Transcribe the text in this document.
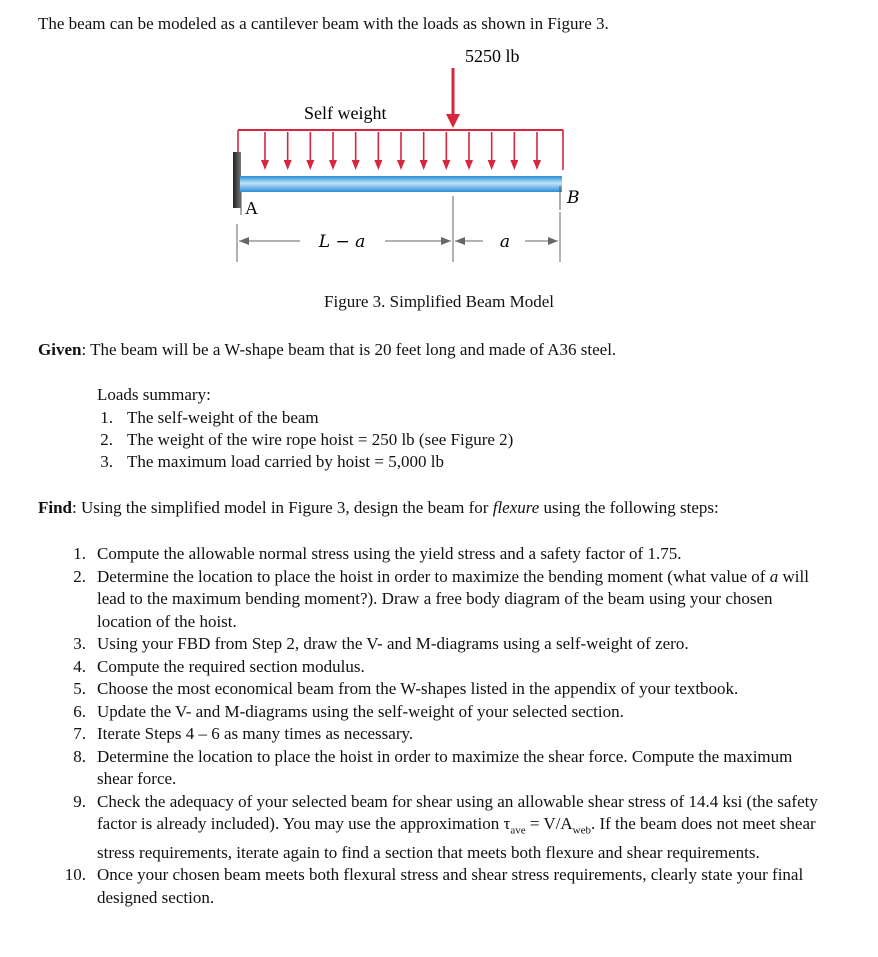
The beam can be modeled as a cantilever beam with the loads as shown in Figure 3.
5250 lb
Self weight
A	B
L − a	a
Figure 3. Simplified Beam Model
Given: The beam will be a W-shape beam that is 20 feet long and made of A36 steel.
Loads summary:
1. The self-weight of the beam
2. The weight of the wire rope hoist = 250 lb (see Figure 2)
3. The maximum load carried by hoist = 5,000 lb
Find: Using the simplified model in Figure 3, design the beam for flexure using the following steps:
1. Compute the allowable normal stress using the yield stress and a safety factor of 1.75.
2. Determine the location to place the hoist in order to maximize the bending moment (what value of a will lead to the maximum bending moment?). Draw a free body diagram of the beam using your chosen location of the hoist.
3. Using your FBD from Step 2, draw the V- and M-diagrams using a self-weight of zero.
4. Compute the required section modulus.
5. Choose the most economical beam from the W-shapes listed in the appendix of your textbook.
6. Update the V- and M-diagrams using the self-weight of your selected section.
7. Iterate Steps 4 – 6 as many times as necessary.
8. Determine the location to place the hoist in order to maximize the shear force. Compute the maximum shear force.
9. Check the adequacy of your selected beam for shear using an allowable shear stress of 14.4 ksi (the safety factor is already included). You may use the approximation $\tau_{ave} = V/A_{web}$. If the beam does not meet shear stress requirements, iterate again to find a section that meets both flexure and shear requirements.
10. Once your chosen beam meets both flexural stress and shear stress requirements, clearly state your final designed section.
